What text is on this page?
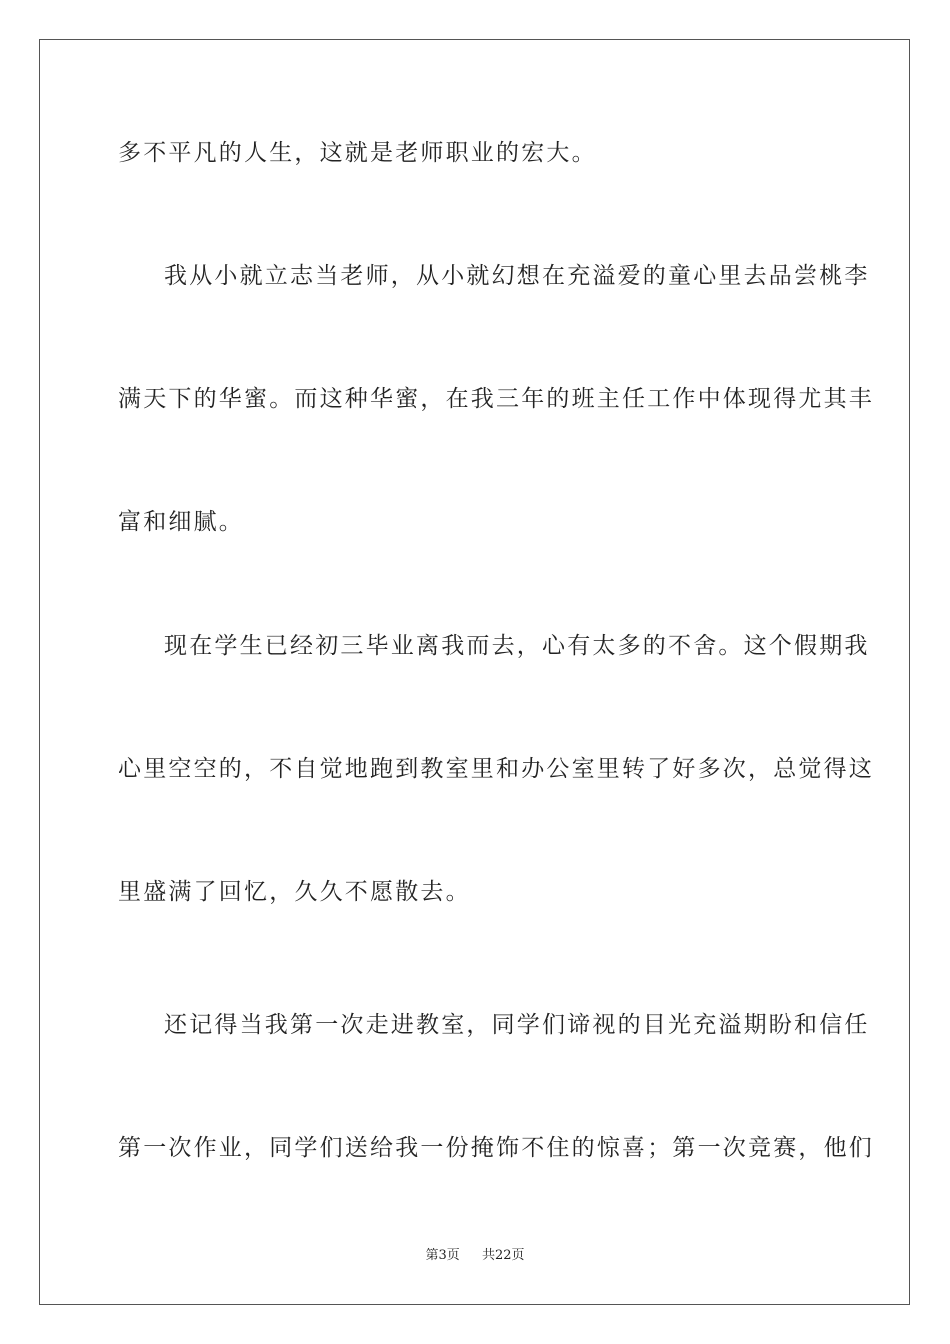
多不平凡的人生，这就是老师职业的宏大。
我从小就立志当老师，从小就幻想在充溢爱的童心里去品尝桃李
满天下的华蜜。而这种华蜜，在我三年的班主任工作中体现得尤其丰
富和细腻。
现在学生已经初三毕业离我而去，心有太多的不舍。这个假期我
心里空空的，不自觉地跑到教室里和办公室里转了好多次，总觉得这
里盛满了回忆，久久不愿散去。
还记得当我第一次走进教室，同学们谛视的目光充溢期盼和信任
第一次作业，同学们送给我一份掩饰不住的惊喜；第一次竞赛，他们
第3页 共22页
